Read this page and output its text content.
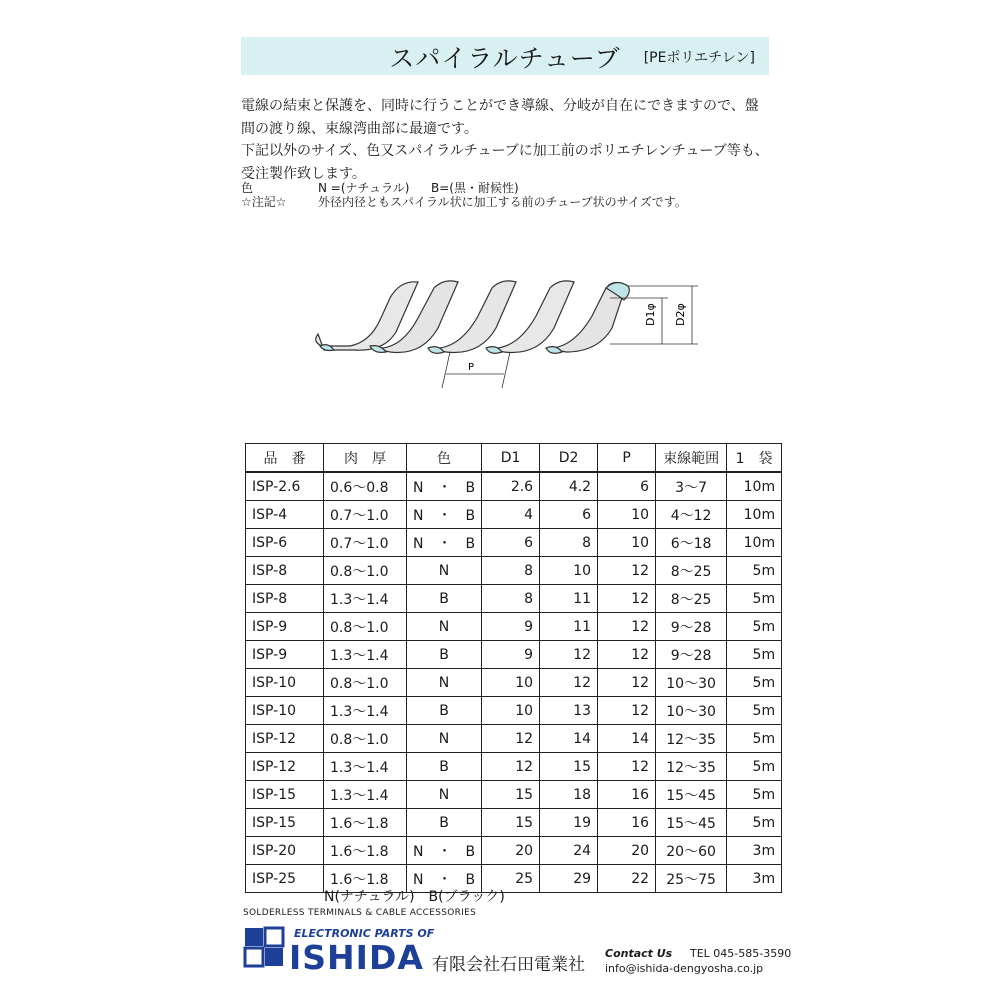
スパイラルチューブ	[PEポリエチレン]

電線の結束と保護を、同時に行うことができ導線、分岐が自在にできますので、盤間の渡り線、束線湾曲部に最適です。

下記以外のサイズ、色又スパイラルチューブに加工前のポリエチレンチューブ等も、受注製作致します。

色	N =(ナチュラル) B=(黒・耐候性)
☆注記☆	外径内径ともスパイラル状に加工する前のチューブ状のサイズです。
D1φ D2φ
P
品　番	肉　厚	色	D1	D2	P	束線範囲	1　袋
ISP-2.6	0.6〜0.8	N　・　B	2.6	4.2	6	3〜7	10m
ISP-4	0.7〜1.0	N　・　B	4	6	10	4〜12	10m
ISP-6	0.7〜1.0	N　・　B	6	8	10	6〜18	10m
ISP-8	0.8〜1.0	N	8	10	12	8〜25	5m
ISP-8	1.3〜1.4	B	8	11	12	8〜25	5m
ISP-9	0.8〜1.0	N	9	11	12	9〜28	5m
ISP-9	1.3〜1.4	B	9	12	12	9〜28	5m
ISP-10	0.8〜1.0	N	10	12	12	10〜30	5m
ISP-10	1.3〜1.4	B	10	13	12	10〜30	5m
ISP-12	0.8〜1.0	N	12	14	14	12〜35	5m
ISP-12	1.3〜1.4	B	12	15	12	12〜35	5m
ISP-15	1.3〜1.4	N	15	18	16	15〜45	5m
ISP-15	1.6〜1.8	B	15	19	16	15〜45	5m
ISP-20	1.6〜1.8	N　・　B	20	24	20	20〜60	3m
ISP-25	1.6〜1.8	N　・　B	25	29	22	25〜75	3m
N(ナチュラル)　B(ブラック)
SOLDERLESS TERMINALS & CABLE ACCESSORIES
ELECTRONIC PARTS OF
ISHIDA 有限会社石田電業社
Contact Us TEL 045-585-3590
info@ishida-dengyosha.co.jp
